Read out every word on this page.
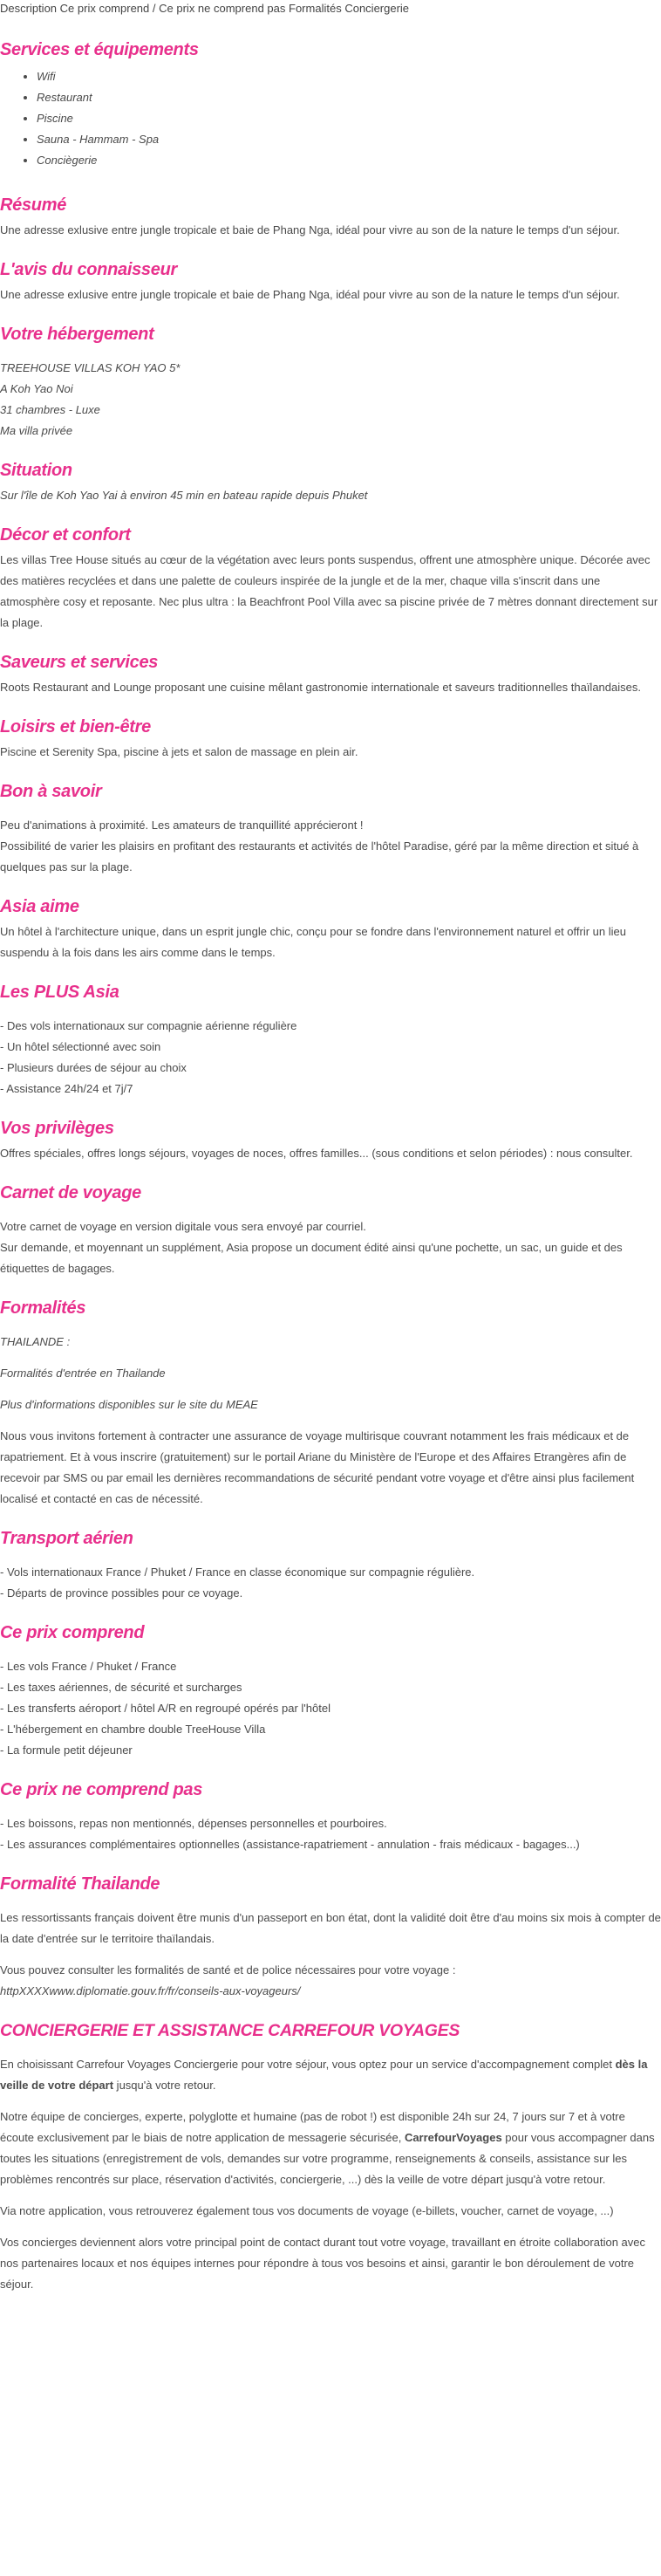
Description Ce prix comprend / Ce prix ne comprend pas Formalités Conciergerie
Services et équipements
• Wifi
• Restaurant
• Piscine
• Sauna - Hammam - Spa
• Conciègerie
Résumé

Une adresse exlusive entre jungle tropicale et baie de Phang Nga, idéal pour vivre au son de la nature le temps d'un séjour.

L'avis du connaisseur

Une adresse exlusive entre jungle tropicale et baie de Phang Nga, idéal pour vivre au son de la nature le temps d'un séjour.

Votre hébergement

TREEHOUSE VILLAS KOH YAO 5*

A Koh Yao Noi

31 chambres - Luxe

Ma villa privée

Situation

Sur l'île de Koh Yao Yai à environ 45 min en bateau rapide depuis Phuket

Décor et confort

Les villas Tree House situés au cœur de la végétation avec leurs ponts suspendus, offrent une atmosphère unique. Décorée avec des matières recyclées et dans une palette de couleurs inspirée de la jungle et de la mer, chaque villa s'inscrit dans une atmosphère cosy et reposante. Nec plus ultra : la Beachfront Pool Villa avec sa piscine privée de 7 mètres donnant directement sur la plage.

Saveurs et services

Roots Restaurant and Lounge proposant une cuisine mêlant gastronomie internationale et saveurs traditionnelles thaïlandaises.

Loisirs et bien-être

Piscine et Serenity Spa, piscine à jets et salon de massage en plein air.

Bon à savoir

Peu d'animations à proximité. Les amateurs de tranquillité apprécieront !

Possibilité de varier les plaisirs en profitant des restaurants et activités de l'hôtel Paradise, géré par la même direction et situé à quelques pas sur la plage.

Asia aime

Un hôtel à l'architecture unique, dans un esprit jungle chic, conçu pour se fondre dans l'environnement naturel et offrir un lieu suspendu à la fois dans les airs comme dans le temps.

Les PLUS Asia

- Des vols internationaux sur compagnie aérienne régulière

- Un hôtel sélectionné avec soin

- Plusieurs durées de séjour au choix

- Assistance 24h/24 et 7j/7

Vos privilèges

Offres spéciales, offres longs séjours, voyages de noces, offres familles... (sous conditions et selon périodes) : nous consulter.

Carnet de voyage

Votre carnet de voyage en version digitale vous sera envoyé par courriel.

Sur demande, et moyennant un supplément, Asia propose un document édité ainsi qu'une pochette, un sac, un guide et des étiquettes de bagages.

Formalités

THAILANDE :

Formalités d'entrée en Thailande

Plus d'informations disponibles sur le site du MEAE

Nous vous invitons fortement à contracter une assurance de voyage multirisque couvrant notamment les frais médicaux et de rapatriement. Et à vous inscrire (gratuitement) sur le portail Ariane du Ministère de l'Europe et des Affaires Etrangères afin de recevoir par SMS ou par email les dernières recommandations de sécurité pendant votre voyage et d'être ainsi plus facilement localisé et contacté en cas de nécessité.

Transport aérien

- Vols internationaux France / Phuket / France en classe économique sur compagnie régulière.

- Départs de province possibles pour ce voyage.

Ce prix comprend

- Les vols France / Phuket / France

- Les taxes aériennes, de sécurité et surcharges

- Les transferts aéroport / hôtel A/R en regroupé opérés par l'hôtel

- L'hébergement en chambre double TreeHouse Villa

- La formule petit déjeuner

Ce prix ne comprend pas

- Les boissons, repas non mentionnés, dépenses personnelles et pourboires.

- Les assurances complémentaires optionnelles (assistance-rapatriement - annulation - frais médicaux - bagages...)

Formalité Thailande

Les ressortissants français doivent être munis d'un passeport en bon état, dont la validité doit être d'au moins six mois à compter de la date d'entrée sur le territoire thaïlandais.

Vous pouvez consulter les formalités de santé et de police nécessaires pour votre voyage :

httpXXXXwww.diplomatie.gouv.fr/fr/conseils-aux-voyageurs/

CONCIERGERIE ET ASSISTANCE CARREFOUR VOYAGES

En choisissant Carrefour Voyages Conciergerie pour votre séjour, vous optez pour un service d'accompagnement complet dès la veille de votre départ jusqu'à votre retour.

Notre équipe de concierges, experte, polyglotte et humaine (pas de robot !) est disponible 24h sur 24, 7 jours sur 7 et à votre écoute exclusivement par le biais de notre application de messagerie sécurisée, CarrefourVoyages pour vous accompagner dans toutes les situations (enregistrement de vols, demandes sur votre programme, renseignements & conseils, assistance sur les problèmes rencontrés sur place, réservation d'activités, conciergerie, ...) dès la veille de votre départ jusqu'à votre retour.

Via notre application, vous retrouverez également tous vos documents de voyage (e-billets, voucher, carnet de voyage, ...)

Vos concierges deviennent alors votre principal point de contact durant tout votre voyage, travaillant en étroite collaboration avec nos partenaires locaux et nos équipes internes pour répondre à tous vos besoins et ainsi, garantir le bon déroulement de votre séjour.
